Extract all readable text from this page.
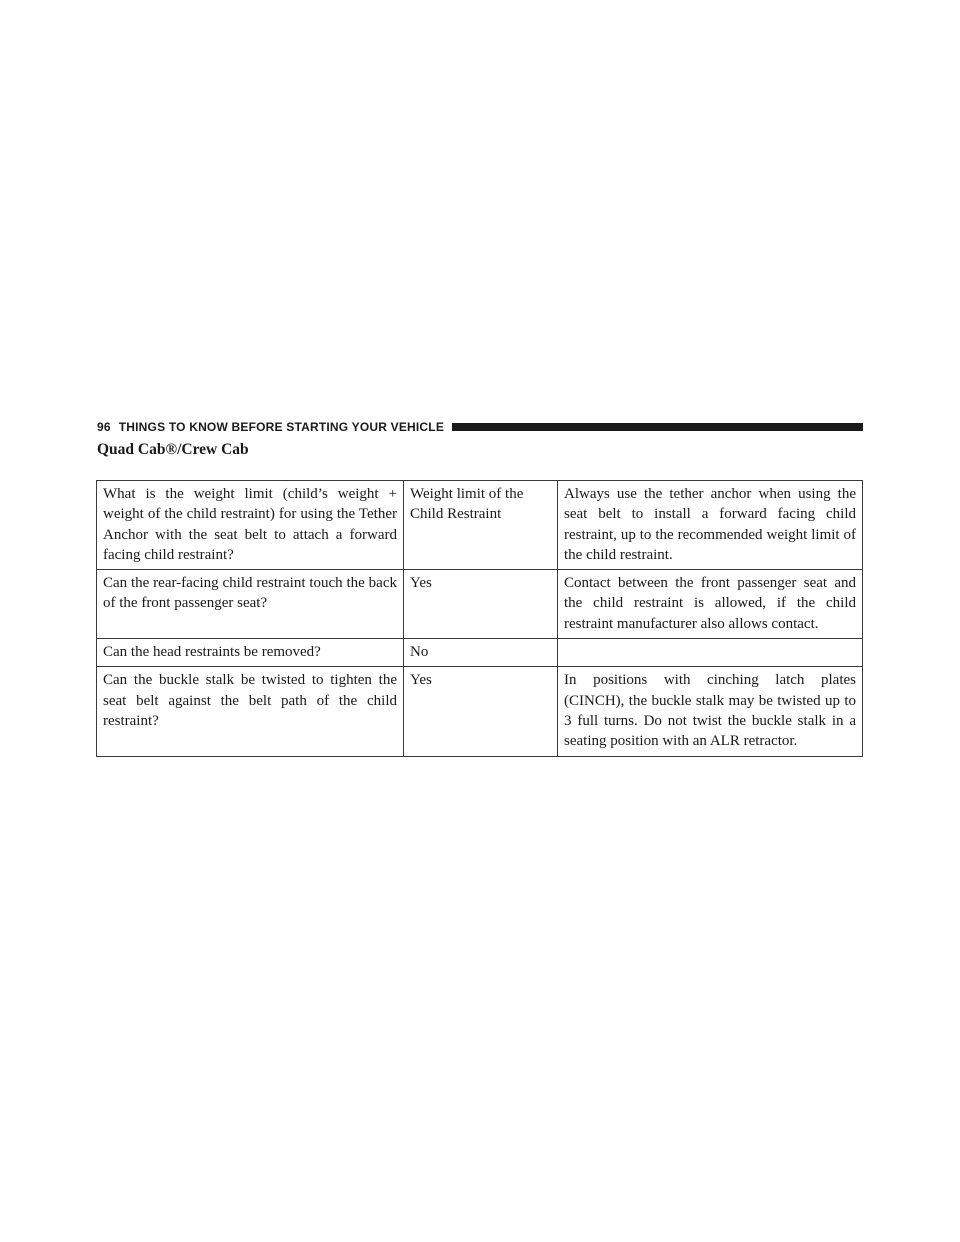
96 THINGS TO KNOW BEFORE STARTING YOUR VEHICLE
Quad Cab®/Crew Cab
What is the weight limit (child’s weight + weight of the child restraint) for using the Tether Anchor with the seat belt to attach a forward facing child restraint?	Weight limit of the Child Restraint	Always use the tether anchor when using the seat belt to install a forward facing child restraint, up to the recommended weight limit of the child restraint.
Can the rear-facing child restraint touch the back of the front passenger seat?	Yes	Contact between the front passenger seat and the child restraint is allowed, if the child restraint manufacturer also allows contact.
Can the head restraints be removed?	No	
Can the buckle stalk be twisted to tighten the seat belt against the belt path of the child restraint?	Yes	In positions with cinching latch plates (CINCH), the buckle stalk may be twisted up to 3 full turns. Do not twist the buckle stalk in a seating position with an ALR retractor.
